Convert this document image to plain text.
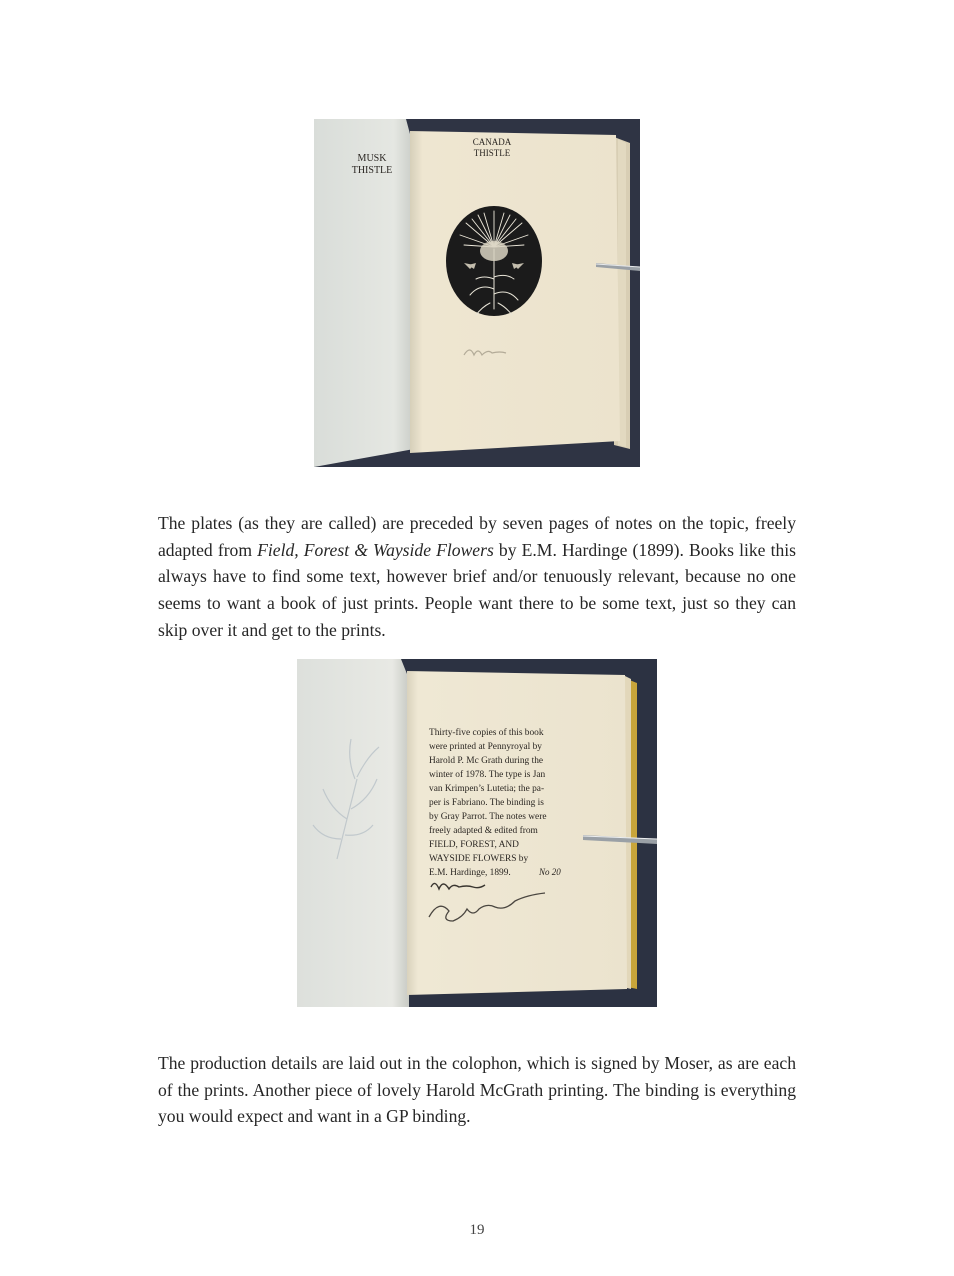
MUSK
THISTLE
CANADA
THISTLE

The plates (as they are called) are preceded by seven pages of notes on the topic, freely adapted from Field, Forest & Wayside Flowers by E.M. Hardinge (1899). Books like this always have to find some text, however brief and/or tenuously relevant, because no one seems to want a book of just prints. People want there to be some text, just so they can skip over it and get to the prints.

Thirty-five copies of this book
were printed at Pennyroyal by
Harold P. Mc Grath during the
winter of 1978. The type is Jan
van Krimpen’s Lutetia; the pa-
per is Fabriano. The binding is
by Gray Parrot. The notes were
freely adapted & edited from
FIELD, FOREST, AND
WAYSIDE FLOWERS by
E.M. Hardinge, 1899.	No 20

The production details are laid out in the colophon, which is signed by Moser, as are each of the prints. Another piece of lovely Harold McGrath printing. The binding is everything you would expect and want in a GP binding.

19
